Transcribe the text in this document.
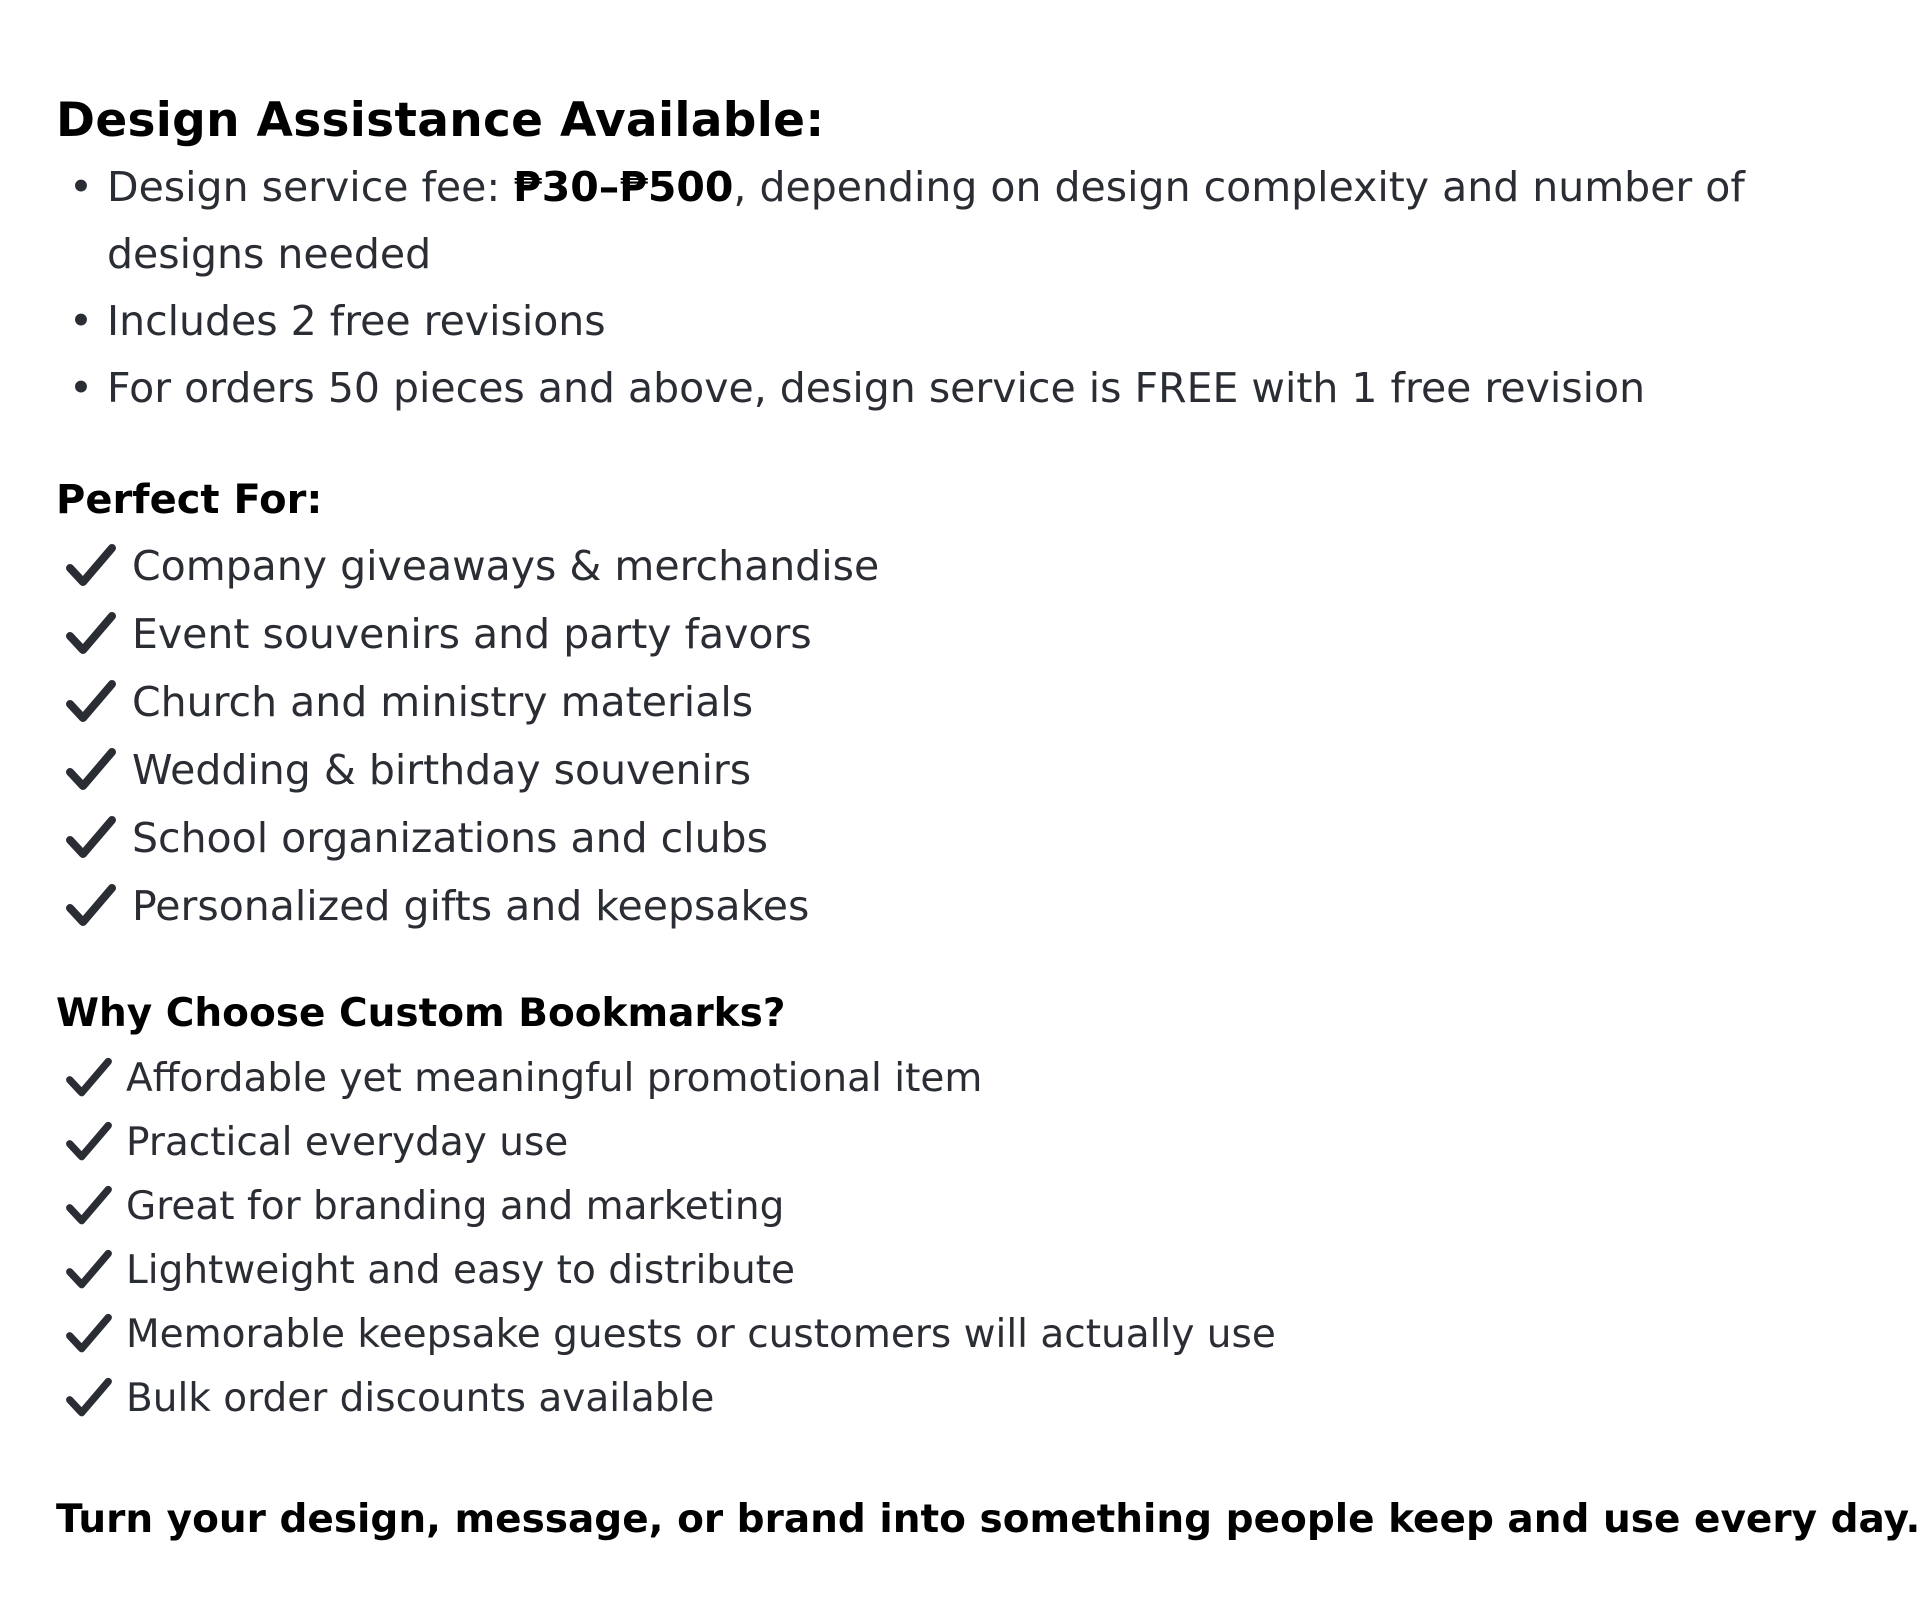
Design Assistance Available:
• Design service fee: ₱30–₱500, depending on design complexity and number of designs needed
• Includes 2 free revisions
• For orders 50 pieces and above, design service is FREE with 1 free revision
Perfect For:
Company giveaways & merchandise
Event souvenirs and party favors
Church and ministry materials
Wedding & birthday souvenirs
School organizations and clubs
Personalized gifts and keepsakes
Why Choose Custom Bookmarks?
Affordable yet meaningful promotional item
Practical everyday use
Great for branding and marketing
Lightweight and easy to distribute
Memorable keepsake guests or customers will actually use
Bulk order discounts available
Turn your design, message, or brand into something people keep and use every day.
